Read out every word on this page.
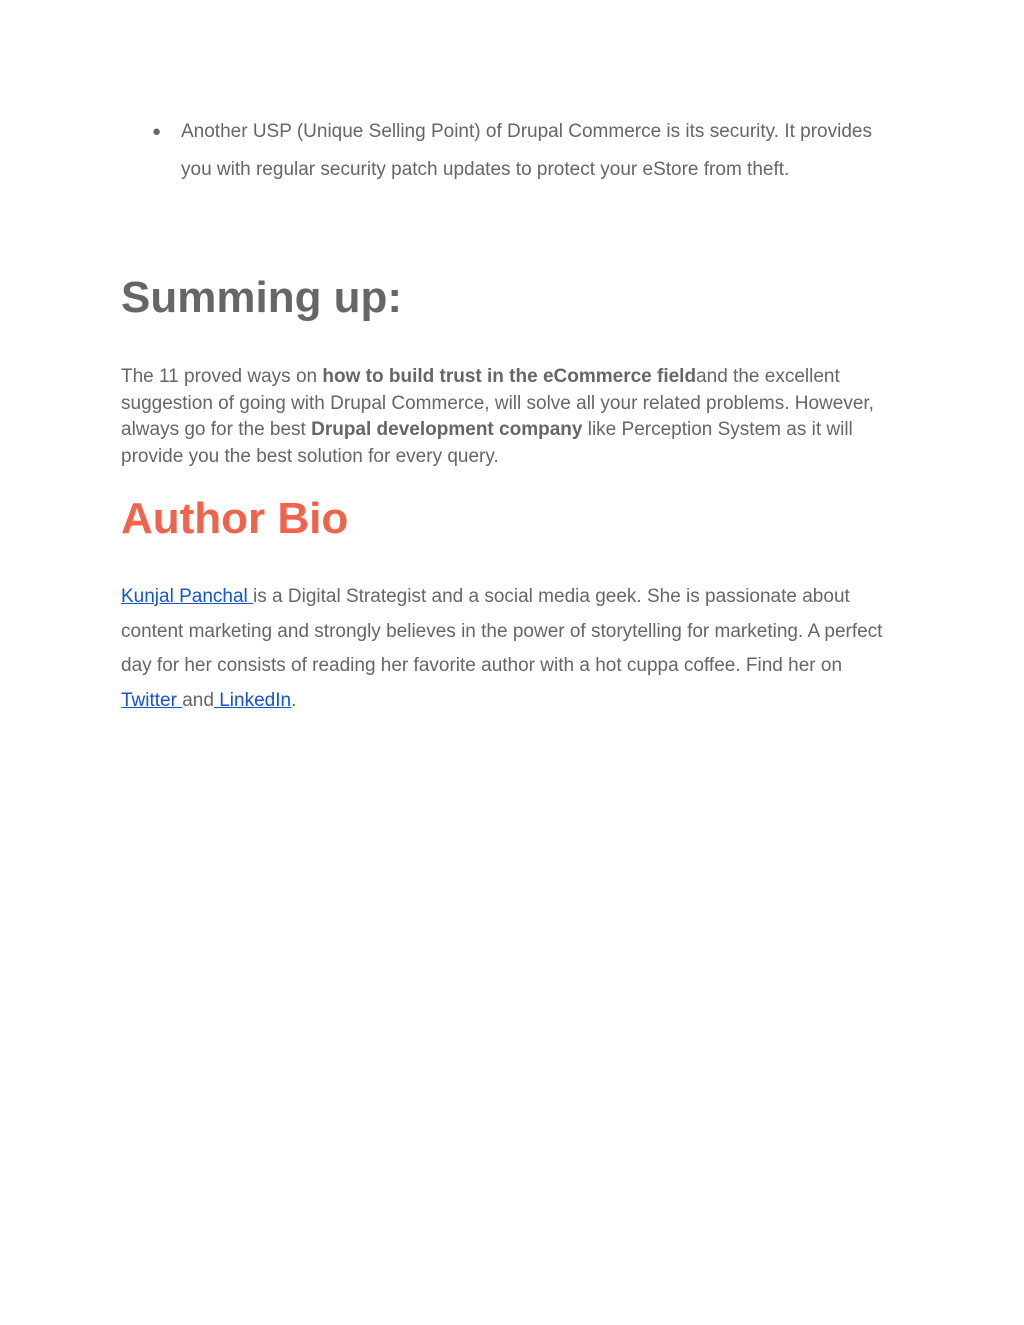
● Another USP (Unique Selling Point) of Drupal Commerce is its security. It provides you with regular security patch updates to protect your eStore from theft.
Summing up:

The 11 proved ways on how to build trust in the eCommerce fieldand the excellent suggestion of going with Drupal Commerce, will solve all your related problems. However, always go for the best Drupal development company like Perception System as it will provide you the best solution for every query.

Author Bio

Kunjal Panchal is a Digital Strategist and a social media geek. She is passionate about content marketing and strongly believes in the power of storytelling for marketing. A perfect day for her consists of reading her favorite author with a hot cuppa coffee. Find her on Twitter and LinkedIn.
